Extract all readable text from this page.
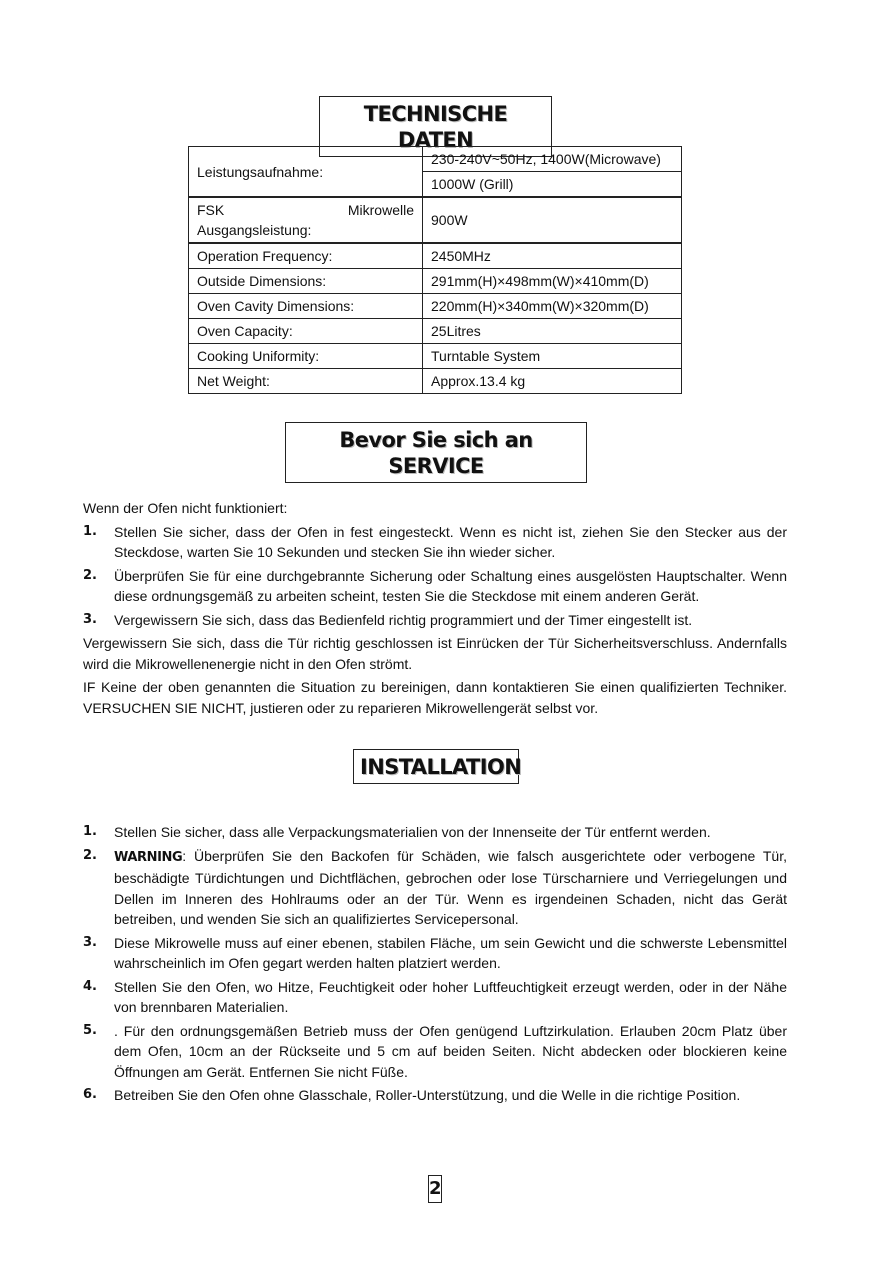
TECHNISCHE DATEN
Leistungsaufnahme:	230-240V~50Hz, 1400W(Microwave)
	1000W (Grill)

FSK Mikrowelle
Ausgangsleistung:	900W
Operation Frequency:	2450MHz
Outside Dimensions:	291mm(H)×498mm(W)×410mm(D)
Oven Cavity Dimensions:	220mm(H)×340mm(W)×320mm(D)
Oven Capacity:	25Litres
Cooking Uniformity:	Turntable System
Net Weight:	Approx.13.4 kg
Bevor Sie sich an SERVICE

Wenn der Ofen nicht funktioniert:

1.	Stellen Sie sicher, dass der Ofen in fest eingesteckt. Wenn es nicht ist, ziehen Sie den Stecker aus der Steckdose, warten Sie 10 Sekunden und stecken Sie ihn wieder sicher.
2.	Überprüfen Sie für eine durchgebrannte Sicherung oder Schaltung eines ausgelösten Hauptschalter. Wenn diese ordnungsgemäß zu arbeiten scheint, testen Sie die Steckdose mit einem anderen Gerät.
3.	Vergewissern Sie sich, dass das Bedienfeld richtig programmiert und der Timer eingestellt ist.

Vergewissern Sie sich, dass die Tür richtig geschlossen ist Einrücken der Tür Sicherheitsverschluss. Andernfalls wird die Mikrowellenenergie nicht in den Ofen strömt.

IF Keine der oben genannten die Situation zu bereinigen, dann kontaktieren Sie einen qualifizierten Techniker. VERSUCHEN SIE NICHT, justieren oder zu reparieren Mikrowellengerät selbst vor.

INSTALLATION
1.	Stellen Sie sicher, dass alle Verpackungsmaterialien von der Innenseite der Tür entfernt werden.
2.	WARNING: Überprüfen Sie den Backofen für Schäden, wie falsch ausgerichtete oder verbogene Tür, beschädigte Türdichtungen und Dichtflächen, gebrochen oder lose Türscharniere und Verriegelungen und Dellen im Inneren des Hohlraums oder an der Tür. Wenn es irgendeinen Schaden, nicht das Gerät betreiben, und wenden Sie sich an qualifiziertes Servicepersonal.
3.	Diese Mikrowelle muss auf einer ebenen, stabilen Fläche, um sein Gewicht und die schwerste Lebensmittel wahrscheinlich im Ofen gegart werden halten platziert werden.
4.	Stellen Sie den Ofen, wo Hitze, Feuchtigkeit oder hoher Luftfeuchtigkeit erzeugt werden, oder in der Nähe von brennbaren Materialien.
5.	. Für den ordnungsgemäßen Betrieb muss der Ofen genügend Luftzirkulation. Erlauben 20cm Platz über dem Ofen, 10cm an der Rückseite und 5 cm auf beiden Seiten. Nicht abdecken oder blockieren keine Öffnungen am Gerät. Entfernen Sie nicht Füße.
6.	Betreiben Sie den Ofen ohne Glasschale, Roller-Unterstützung, und die Welle in die richtige Position.
2
